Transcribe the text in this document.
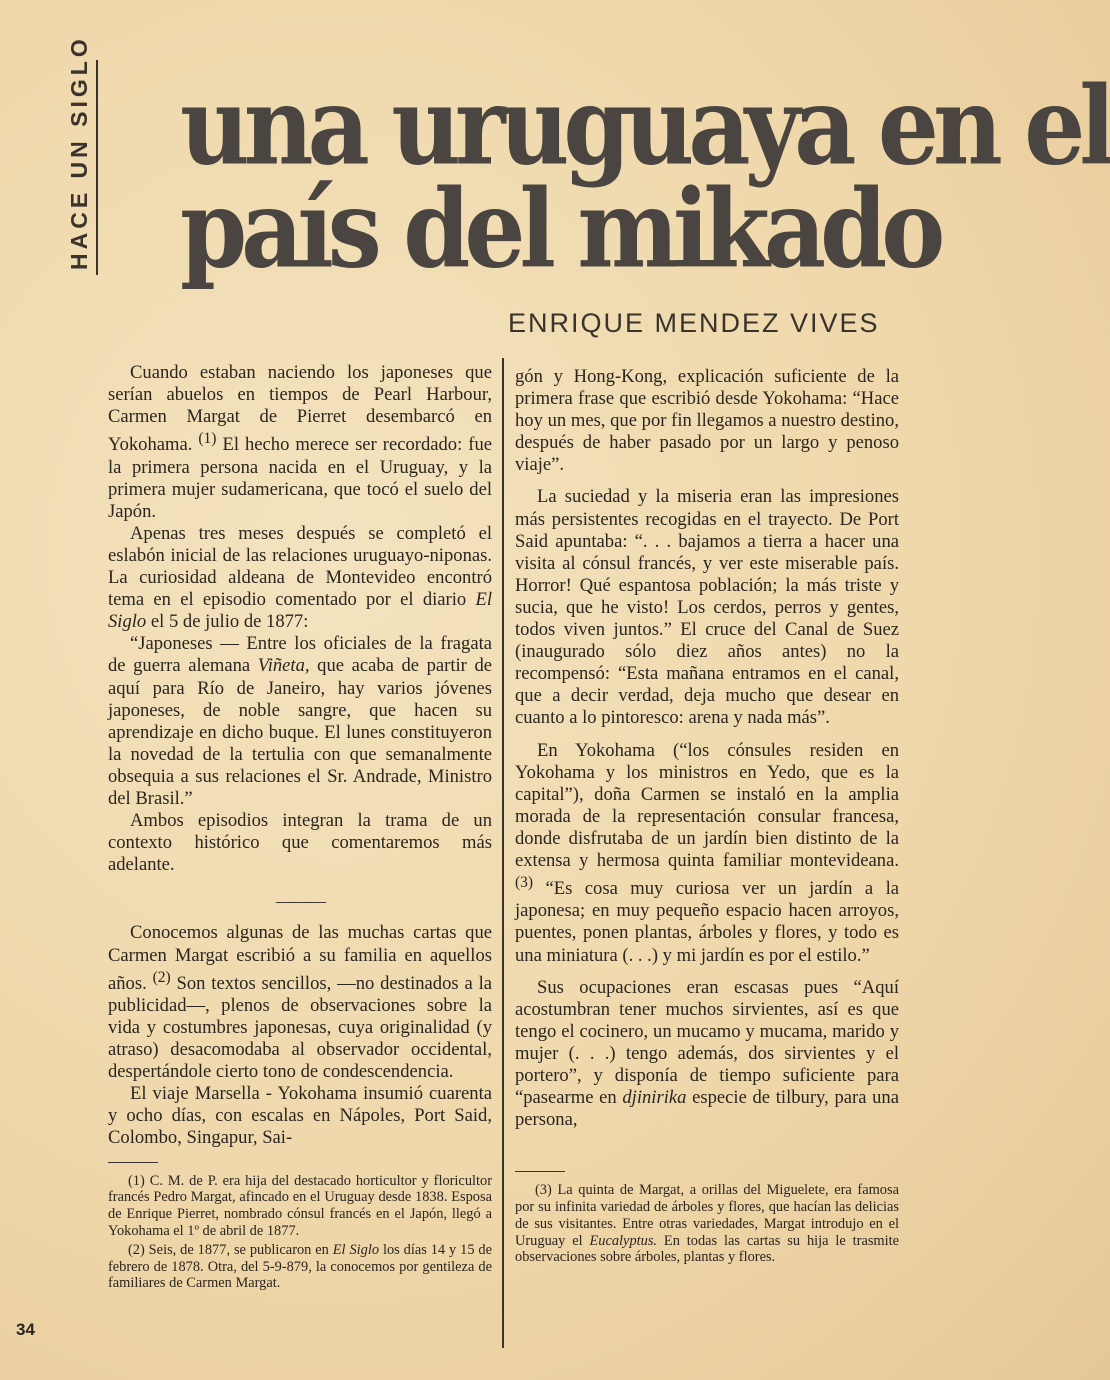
HACE UN SIGLO una uruguaya en el
país del mikado
ENRIQUE MENDEZ VIVES

Cuando estaban naciendo los japoneses que serían abuelos en tiempos de Pearl Harbour, Carmen Margat de Pierret desembarcó en Yokohama. $^{(1)}$ El hecho merece ser recordado: fue la primera persona nacida en el Uruguay, y la primera mujer sudamericana, que tocó el suelo del Japón.

Apenas tres meses después se completó el eslabón inicial de las relaciones uruguayo-niponas. La curiosidad aldeana de Montevideo encontró tema en el episodio comentado por el diario El Siglo el 5 de julio de 1877:

“Japoneses — Entre los oficiales de la fragata de guerra alemana Viñeta, que acaba de partir de aquí para Río de Janeiro, hay varios jóvenes japoneses, de noble sangre, que hacen su aprendizaje en dicho buque. El lunes constituyeron la novedad de la tertulia con que semanalmente obsequia a sus relaciones el Sr. Andrade, Ministro del Brasil.”

Ambos episodios integran la trama de un contexto histórico que comentaremos más adelante.

———

Conocemos algunas de las muchas cartas que Carmen Margat escribió a su familia en aquellos años. $^{(2)}$ Son textos sencillos, —no destinados a la publicidad—, plenos de observaciones sobre la vida y costumbres japonesas, cuya originalidad (y atraso) desacomodaba al observador occidental, despertándole cierto tono de condescendencia.

El viaje Marsella - Yokohama insumió cuarenta y ocho días, con escalas en Nápoles, Port Said, Colombo, Singapur, Sai-

(1) C. M. de P. era hija del destacado horticultor y floricultor francés Pedro Margat, afincado en el Uruguay desde 1838. Esposa de Enrique Pierret, nombrado cónsul francés en el Japón, llegó a Yokohama el 1º de abril de 1877.

(2) Seis, de 1877, se publicaron en El Siglo los días 14 y 15 de febrero de 1878. Otra, del 5-9-879, la conocemos por gentileza de familiares de Carmen Margat.

gón y Hong-Kong, explicación suficiente de la primera frase que escribió desde Yokohama: “Hace hoy un mes, que por fin llegamos a nuestro destino, después de haber pasado por un largo y penoso viaje”.

La suciedad y la miseria eran las impresiones más persistentes recogidas en el trayecto. De Port Said apuntaba: “. . . bajamos a tierra a hacer una visita al cónsul francés, y ver este miserable país. Horror! Qué espantosa población; la más triste y sucia, que he visto! Los cerdos, perros y gentes, todos viven juntos.” El cruce del Canal de Suez (inaugurado sólo diez años antes) no la recompensó: “Esta mañana entramos en el canal, que a decir verdad, deja mucho que desear en cuanto a lo pintoresco: arena y nada más”.

En Yokohama (“los cónsules residen en Yokohama y los ministros en Yedo, que es la capital”), doña Carmen se instaló en la amplia morada de la representación consular francesa, donde disfrutaba de un jardín bien distinto de la extensa y hermosa quinta familiar montevideana. $^{(3)}$ “Es cosa muy curiosa ver un jardín a la japonesa; en muy pequeño espacio hacen arroyos, puentes, ponen plantas, árboles y flores, y todo es una miniatura (. . .) y mi jardín es por el estilo.”

Sus ocupaciones eran escasas pues “Aquí acostumbran tener muchos sirvientes, así es que tengo el cocinero, un mucamo y mucama, marido y mujer (. . .) tengo además, dos sirvientes y el portero”, y disponía de tiempo suficiente para “pasearme en djinirika especie de tilbury, para una persona,

(3) La quinta de Margat, a orillas del Miguelete, era famosa por su infinita variedad de árboles y flores, que hacían las delicias de sus visitantes. Entre otras variedades, Margat introdujo en el Uruguay el Eucalyptus. En todas las cartas su hija le trasmite observaciones sobre árboles, plantas y flores.

34
